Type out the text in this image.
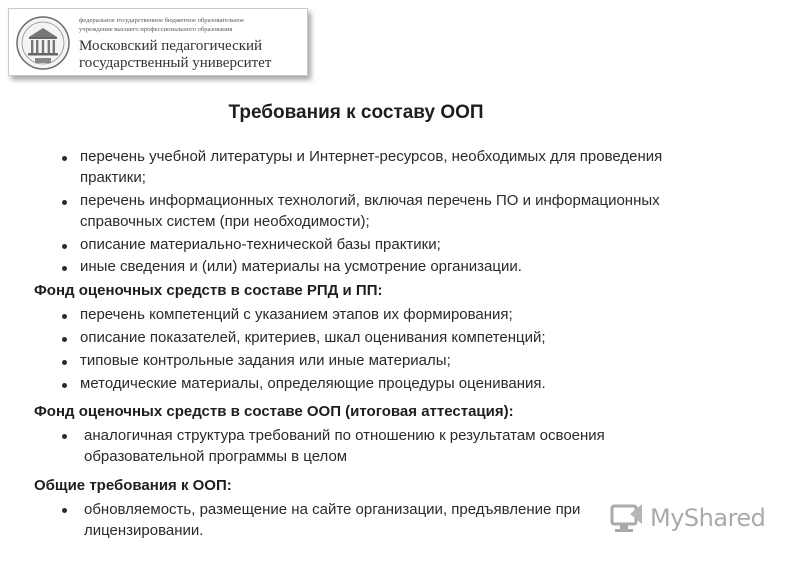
федеральное государственное бюджетное образовательное
учреждение высшего профессионального образования
Московский педагогический
государственный университет
Требования к составу ООП
перечень учебной литературы и Интернет-ресурсов, необходимых для проведения
практики;
перечень информационных технологий, включая перечень ПО и информационных
справочных систем (при необходимости);
описание материально-технической базы практики;
иные сведения и (или) материалы на усмотрение организации.
Фонд оценочных средств в составе РПД и ПП:
перечень компетенций с указанием этапов их формирования;
описание показателей, критериев, шкал оценивания компетенций;
типовые контрольные задания или иные материалы;
методические материалы, определяющие процедуры оценивания.
Фонд оценочных средств в составе ООП (итоговая аттестация):
аналогичная структура требований по отношению к результатам освоения
образовательной программы в целом
Общие требования к ООП:
обновляемость, размещение на сайте организации, предъявление при
лицензировании.	MyShared
